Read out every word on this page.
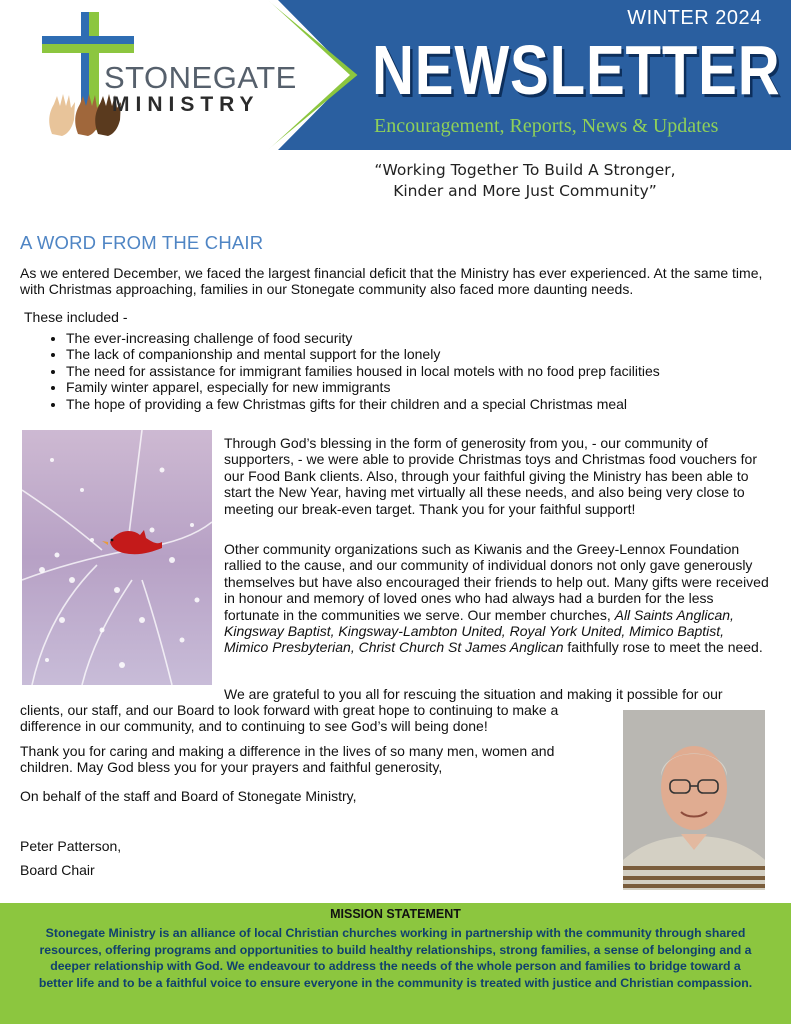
WINTER 2024
NEWSLETTER
Encouragement, Reports, News & Updates
STONEGATE
MINISTRY
“Working Together To Build A Stronger,
Kinder and More Just Community”
A WORD FROM THE CHAIR
As we entered December, we faced the largest financial deficit that the Ministry has ever experienced. At the same time, with Christmas approaching, families in our Stonegate community also faced more daunting needs.
These included -
• The ever-increasing challenge of food security
• The lack of companionship and mental support for the lonely
• The need for assistance for immigrant families housed in local motels with no food prep facilities
• Family winter apparel, especially for new immigrants
• The hope of providing a few Christmas gifts for their children and a special Christmas meal
Through God’s blessing in the form of generosity from you, - our community of supporters, - we were able to provide Christmas toys and Christmas food vouchers for our Food Bank clients. Also, through your faithful giving the Ministry has been able to start the New Year, having met virtually all these needs, and also being very close to meeting our break-even target. Thank you for your faithful support!
Other community organizations such as Kiwanis and the Greey-Lennox Foundation rallied to the cause, and our community of individual donors not only gave generously themselves but have also encouraged their friends to help out. Many gifts were received in honour and memory of loved ones who had always had a burden for the less fortunate in the communities we serve. Our member churches, All Saints Anglican, Kingsway Baptist, Kingsway-Lambton United, Royal York United, Mimico Baptist, Mimico Presbyterian, Christ Church St James Anglican faithfully rose to meet the need.
We are grateful to you all for rescuing the situation and making it possible for our
clients, our staff, and our Board to look forward with great hope to continuing to make a difference in our community, and to continuing to see God’s will being done!
Thank you for caring and making a difference in the lives of so many men, women and children. May God bless you for your prayers and faithful generosity,
On behalf of the staff and Board of Stonegate Ministry,
Peter Patterson,
Board Chair
MISSION STATEMENT
Stonegate Ministry is an alliance of local Christian churches working in partnership with the community through shared resources, offering programs and opportunities to build healthy relationships, strong families, a sense of belonging and a deeper relationship with God. We endeavour to address the needs of the whole person and families to bridge toward a better life and to be a faithful voice to ensure everyone in the community is treated with justice and Christian compassion.
